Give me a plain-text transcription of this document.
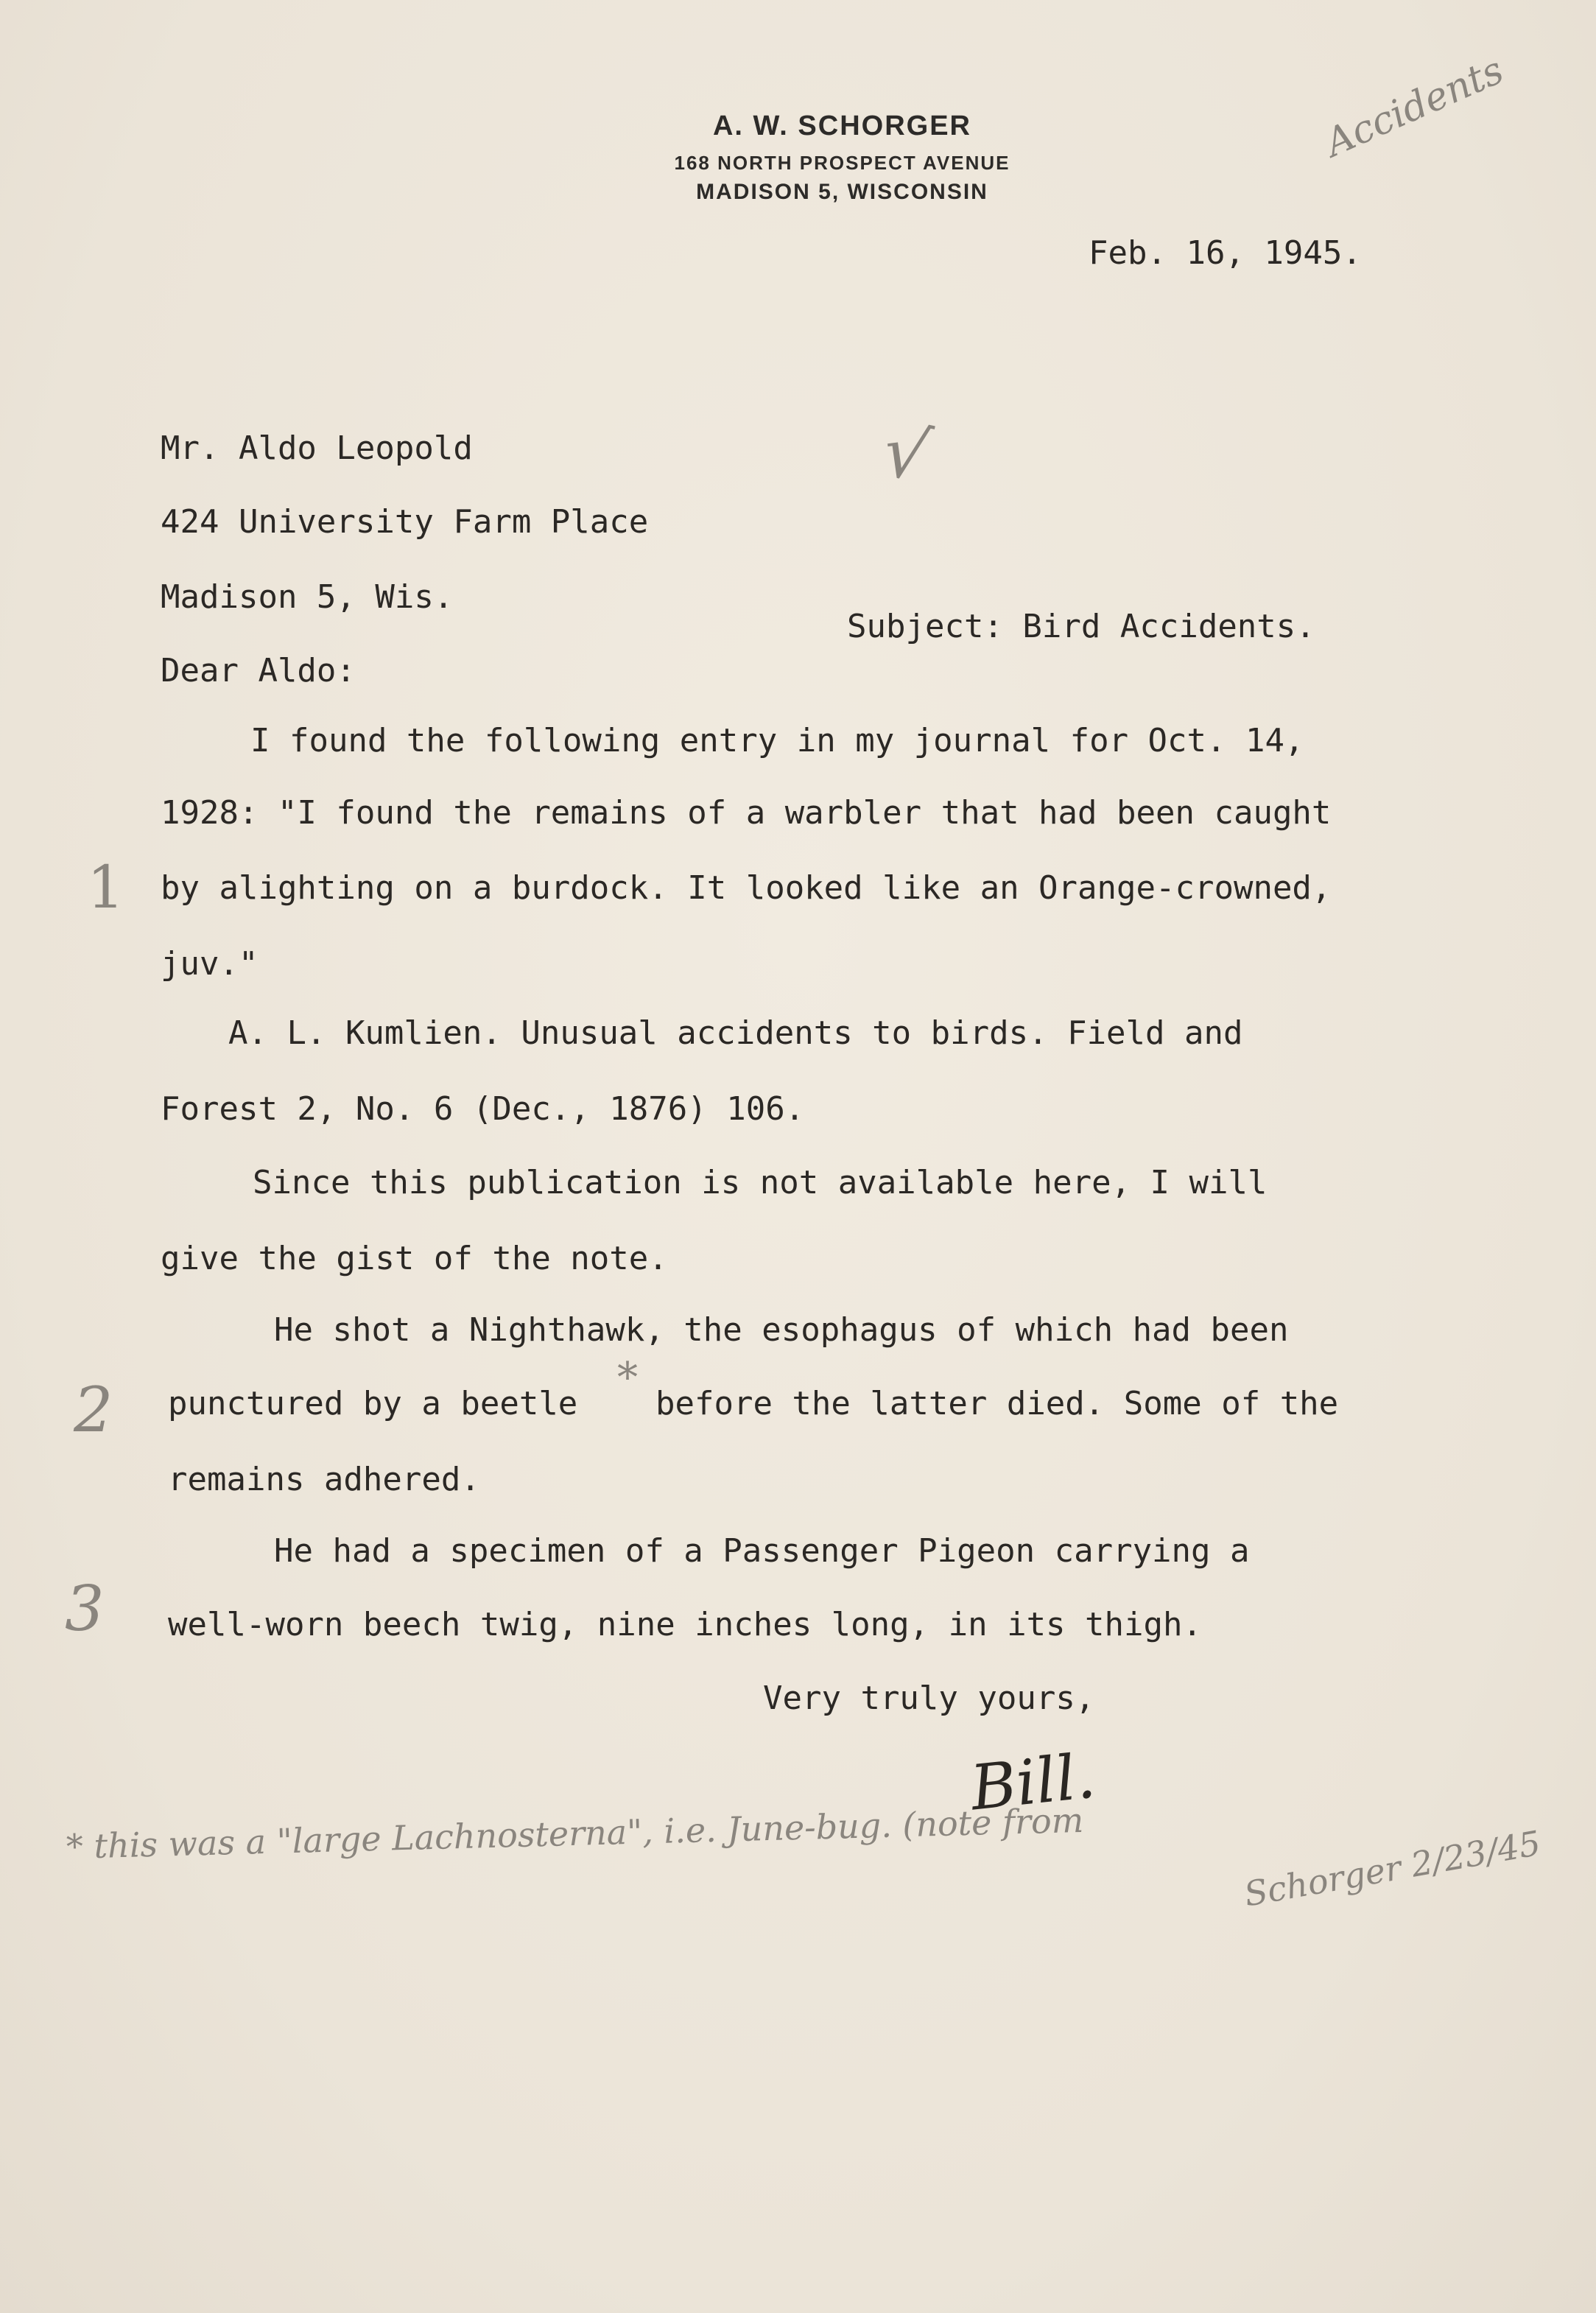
A. W. SCHORGER
168 NORTH PROSPECT AVENUE
MADISON 5, WISCONSIN
Accidents
Feb. 16, 1945.
Mr. Aldo Leopold	√
424 University Farm Place
Madison 5, Wis.
Subject: Bird Accidents.
Dear Aldo:
I found the following entry in my journal for Oct. 14,
1928: "I found the remains of a warbler that had been caught
1 by alighting on a burdock. It looked like an Orange-crowned,
juv."
A. L. Kumlien. Unusual accidents to birds. Field and
Forest 2, No. 6 (Dec., 1876) 106.
Since this publication is not available here, I will
give the gist of the note.
He shot a Nighthawk, the esophagus of which had been
2 punctured by a beetle
*
before the latter died. Some of the
remains adhered.
He had a specimen of a Passenger Pigeon carrying a
3 well-worn beech twig, nine inches long, in its thigh.
Very truly yours,
Bill.
* this was a "large Lachnosterna", i.e. June-bug. (note from	Schorger 2/23/45
